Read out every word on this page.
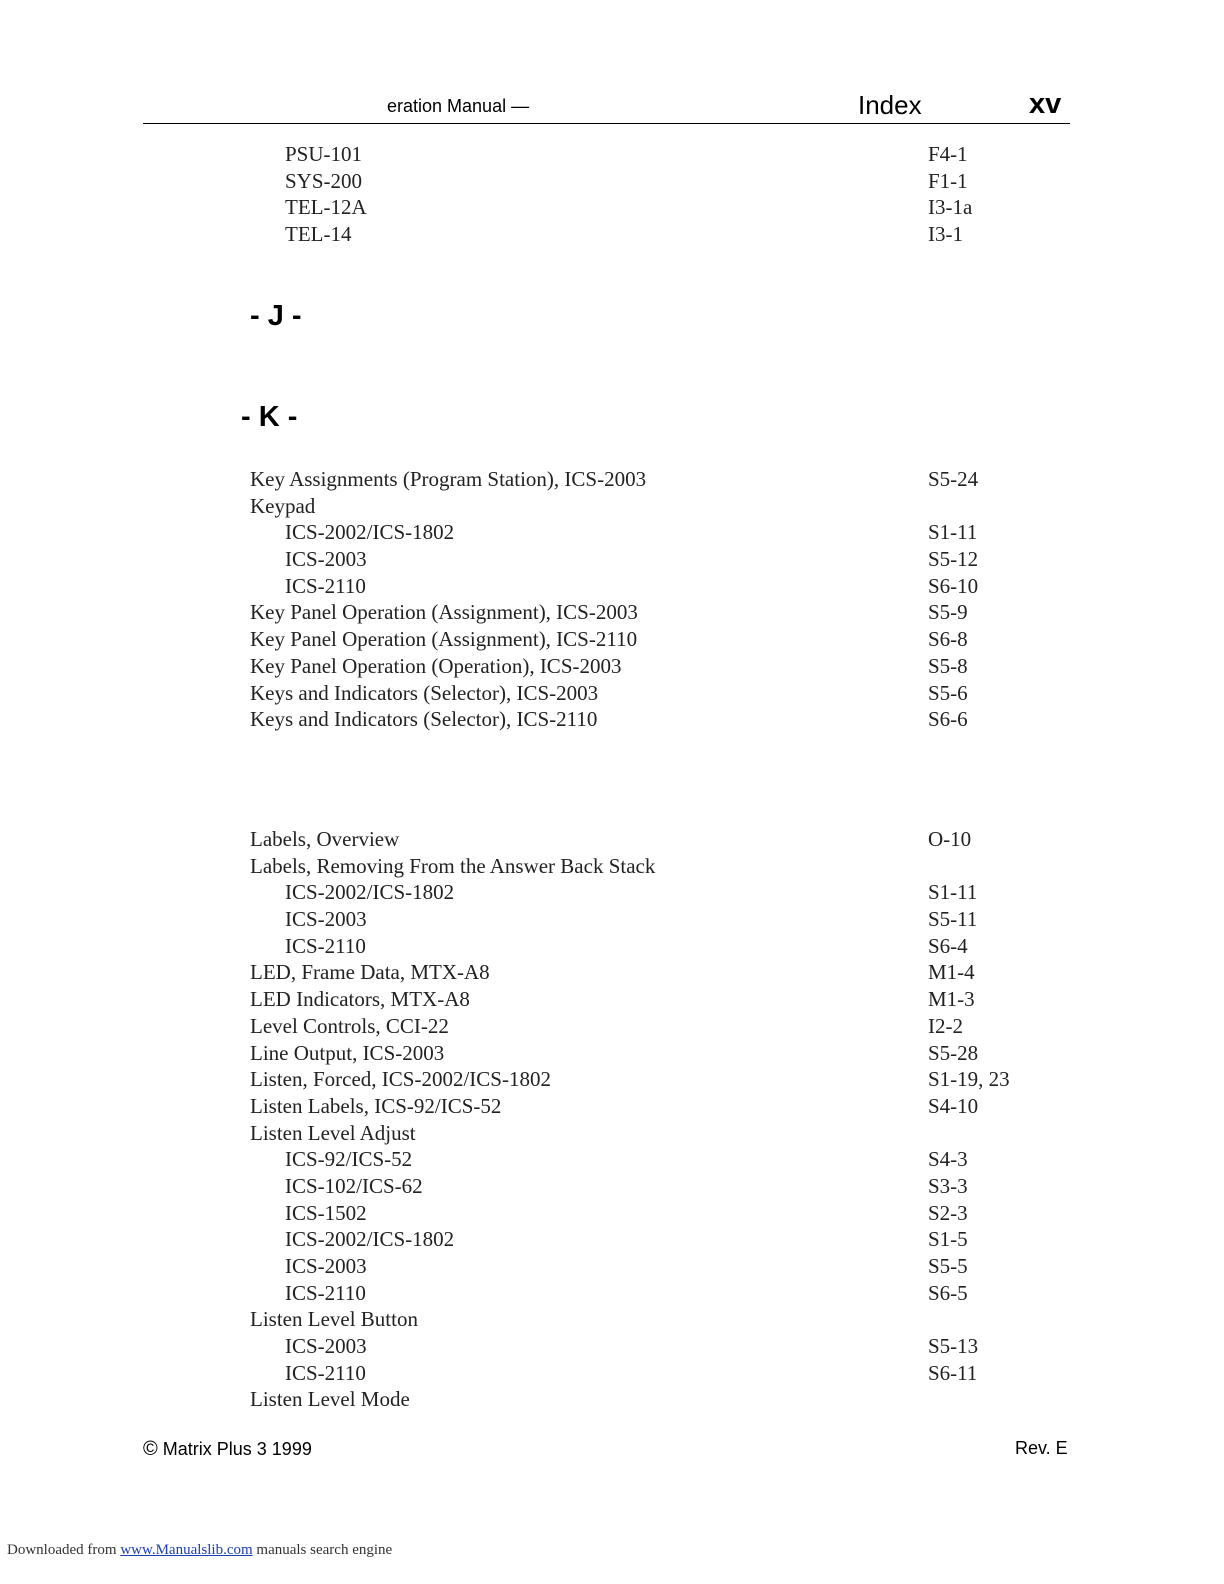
eration Manual —	Index	xv
PSU-101	F4-1
SYS-200	F1-1
TEL-12A	I3-1a
TEL-14	I3-1
- J -
- K -
Key Assignments (Program Station), ICS-2003	S5-24
Keypad
ICS-2002/ICS-1802	S1-11
ICS-2003	S5-12
ICS-2110	S6-10
Key Panel Operation (Assignment), ICS-2003	S5-9
Key Panel Operation (Assignment), ICS-2110	S6-8
Key Panel Operation (Operation), ICS-2003	S5-8
Keys and Indicators (Selector), ICS-2003	S5-6
Keys and Indicators (Selector), ICS-2110	S6-6
Labels, Overview	O-10
Labels, Removing From the Answer Back Stack
ICS-2002/ICS-1802	S1-11
ICS-2003	S5-11
ICS-2110	S6-4
LED, Frame Data, MTX-A8	M1-4
LED Indicators, MTX-A8	M1-3
Level Controls, CCI-22	I2-2
Line Output, ICS-2003	S5-28
Listen, Forced, ICS-2002/ICS-1802	S1-19, 23
Listen Labels, ICS-92/ICS-52	S4-10
Listen Level Adjust
ICS-92/ICS-52	S4-3
ICS-102/ICS-62	S3-3
ICS-1502	S2-3
ICS-2002/ICS-1802	S1-5
ICS-2003	S5-5
ICS-2110	S6-5
Listen Level Button
ICS-2003	S5-13
ICS-2110	S6-11
Listen Level Mode
© Matrix Plus 3 1999	Rev. E
Downloaded from www.Manualslib.com manuals search engine
